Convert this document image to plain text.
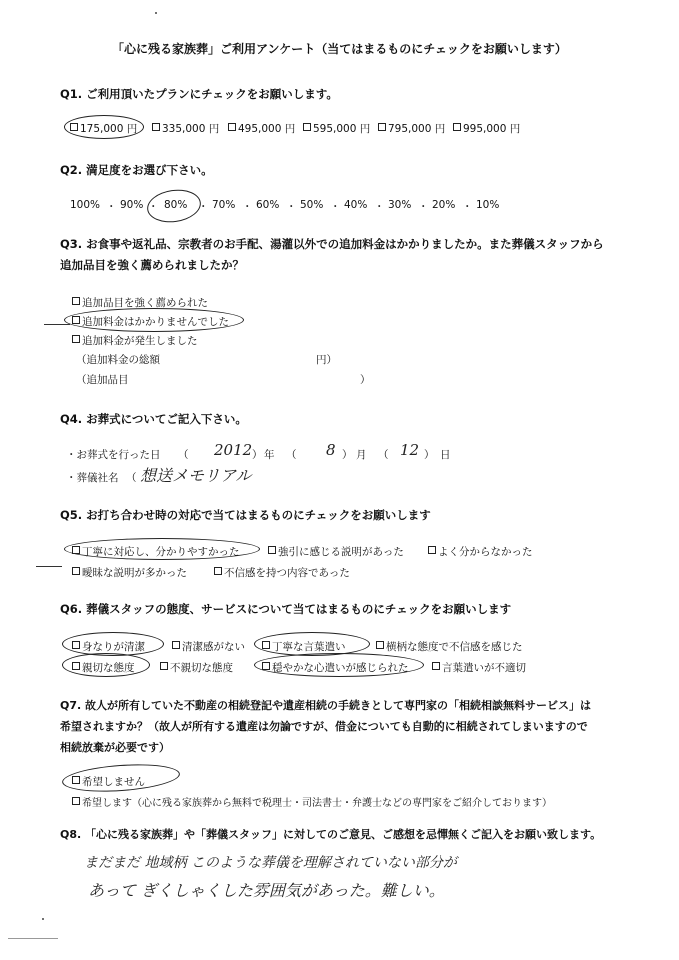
「心に残る家族葬」ご利用アンケート（当てはまるものにチェックをお願いします）
Q1. ご利用頂いたプランにチェックをお願いします。
175,000 円	335,000 円	495,000 円	595,000 円	795,000 円	995,000 円
Q2. 満足度をお選び下さい。
100% ・ 90% ・ 80% ・ 70% ・ 60% ・ 50% ・ 40% ・ 30% ・ 20% ・ 10%
Q3. お食事や返礼品、宗教者のお手配、湯灌以外での追加料金はかかりましたか。また葬儀スタッフから
追加品目を強く薦められましたか？
追加品目を強く薦められた
追加料金はかかりませんでした
追加料金が発生しました
（追加料金の総額	円）
（追加品目	）
Q4. お葬式についてご記入下さい。
・お葬式を行った日 （ 2012 ） 年 （ 8 ） 月 （ 12 ） 日
・葬儀社名 （ 想送メモリアル
Q5. お打ち合わせ時の対応で当てはまるものにチェックをお願いします
丁寧に対応し、分かりやすかった	強引に感じる説明があった	よく分からなかった
曖昧な説明が多かった	不信感を持つ内容であった
Q6. 葬儀スタッフの態度、サービスについて当てはまるものにチェックをお願いします
身なりが清潔	清潔感がない	丁寧な言葉遣い	横柄な態度で不信感を感じた
親切な態度	不親切な態度	穏やかな心遣いが感じられた	言葉遣いが不適切
Q7. 故人が所有していた不動産の相続登記や遺産相続の手続きとして専門家の「相続相談無料サービス」は
希望されますか？（故人が所有する遺産は勿論ですが、借金についても自動的に相続されてしまいますので
相続放棄が必要です）
希望しません
希望します（心に残る家族葬から無料で税理士・司法書士・弁護士などの専門家をご紹介しております）
Q8. 「心に残る家族葬」や「葬儀スタッフ」に対してのご意見、ご感想を忌憚無くご記入をお願い致します。
まだまだ 地域柄 このような葬儀を理解されていない部分が
あって ぎくしゃくした雰囲気があった。難しい。
